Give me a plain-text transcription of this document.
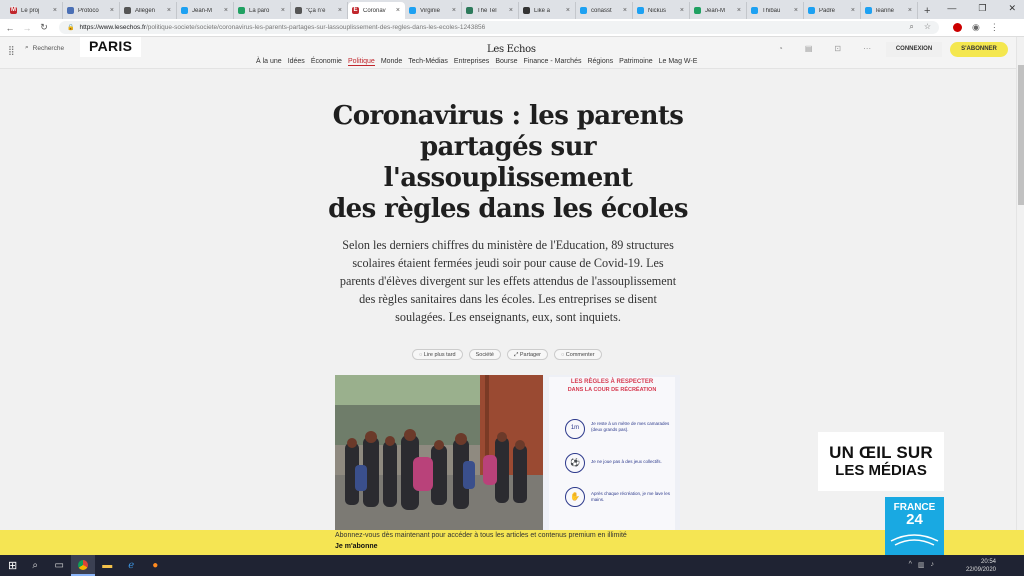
M Le proj	×	Protoco	×	Allègen	×	Jean-M	×	La paro	×	"Ça n’e	× E Coronav	×	Virginie	×	The Tel	×	Like a	×	conasst	×	Nickus	×	Jean-M	×	Thibau	×	Padre	×	leanne	× + — ❐ ✕
← → ↻	🔒 https://www.lesechos.fr /politique-societe/societe/coronavirus-les-parents-partages-sur-lassouplissement-des-regles-dans-les-ecoles-1243856	⌕ ☆	◉ ⋮
⣿ ⌕ Recherche	PARIS	Les Echos
À la une Idées Économie Politique Monde Tech-Médias Entreprises Bourse Finance - Marchés Régions Patrimoine Le Mag W-E
◔	▤	⊡	⋯	CONNEXION	S'ABONNER
Coronavirus : les parents
partagés sur
l'assouplissement
des règles dans les écoles

Selon les derniers chiffres du ministère de l'Education, 89 structures scolaires étaient fermées jeudi soir pour cause de Covid-19. Les parents d'élèves divergent sur les effets attendus de l'assouplissement des règles sanitaires dans les écoles. Les entreprises se disent soulagées. Les enseignants, eux, sont inquiets.

◌ Lire plus tard	Société	⤢ Partager	◌ Commenter
LES RÈGLES À RESPECTER
DANS LA COUR DE RÉCRÉATION
1m
Je reste à un mètre de mes camarades (deux grands pas).
⚽	Je ne joue pas à des jeux collectifs.
✋	Après chaque récréation, je me lave les mains.
Abonnez-vous dès maintenant pour accéder à tous les articles et contenus premium en illimité
Je m'abonne
UN ŒIL SUR
LES MÉDIAS
FRANCE
24
⊞	⌕	▭	▬	ℯ	●	^ ▥ ♪	20:54
22/09/2020
